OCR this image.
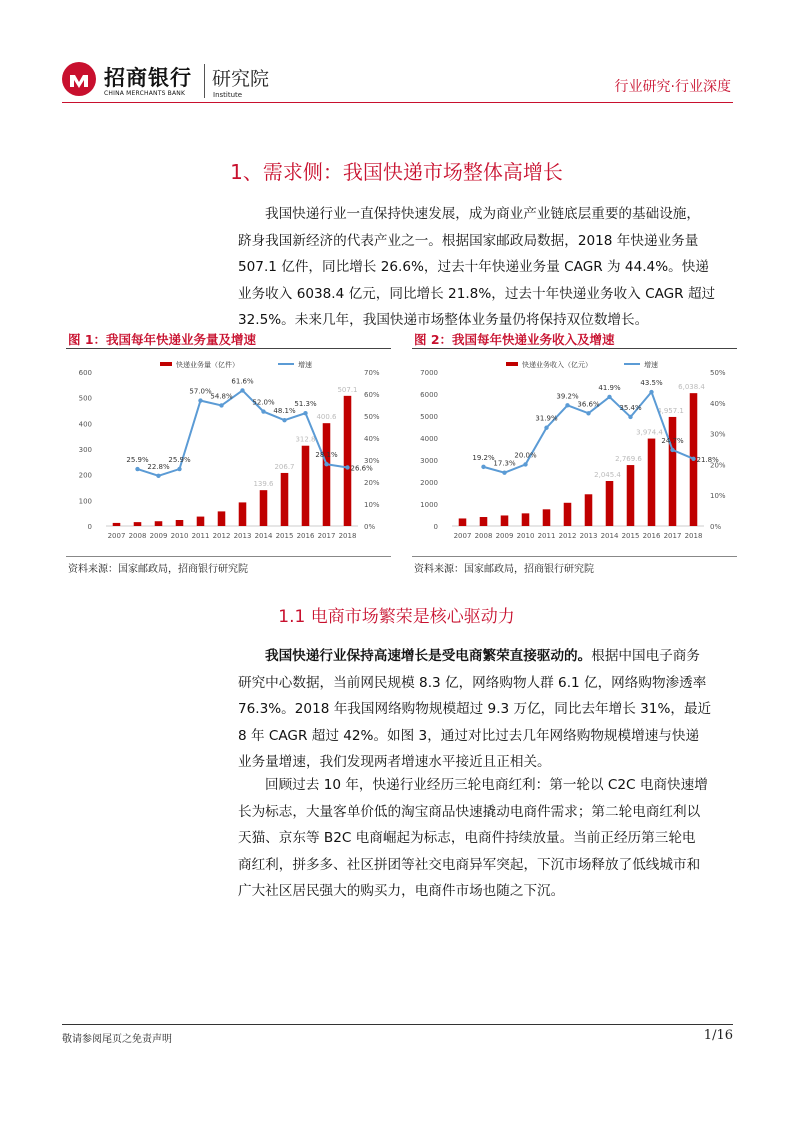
招商银行
CHINA MERCHANTS BANK
研究院
Institute	行业研究·行业深度
1、需求侧：我国快递市场整体高增长
我国快递行业一直保持快速发展，成为商业产业链底层重要的基础设施，
跻身我国新经济的代表产业之一。根据国家邮政局数据，2018 年快递业务量
507.1 亿件，同比增长 26.6%，过去十年快递业务量 CAGR 为 44.4%。快递
业务收入 6038.4 亿元，同比增长 21.8%，过去十年快递业务收入 CAGR 超过
32.5%。未来几年，我国快递市场整体业务量仍将保持双位数增长。
图 1：我国每年快递业务量及增速
快递业务量（亿件）	增速
0
100
200
300
400
500
600
0%
10%
20%
30%
40%
50%
60%
70%
139.6
206.7
312.8
400.6
507.1
2007 2008 2009 2010 2011 2012 2013 2014 2015 2016 2017 2018
25.9%
22.8%
25.9%
57.0%
54.8%
61.6%
52.0%
48.1%
51.3%
28.1%
26.6%
资料来源：国家邮政局，招商银行研究院
图 2：我国每年快递业务收入及增速
快递业务收入（亿元）	增速
0
1000
2000
3000
4000
5000
6000
7000
0%
10%
20%
30%
40%
50%
2,045.4
2,769.6
3,974.4
4,957.1
6,038.4
2007 2008 2009 2010 2011 2012 2013 2014 2015 2016 2017 2018
19.2%
17.3%
20.0%
31.9%
39.2%
36.6%
41.9%
35.4%
43.5%
24.7%
21.8%
资料来源：国家邮政局，招商银行研究院
1.1 电商市场繁荣是核心驱动力
我国快递行业保持高速增长是受电商繁荣直接驱动的。根据中国电子商务
研究中心数据，当前网民规模 8.3 亿，网络购物人群 6.1 亿，网络购物渗透率
76.3%。2018 年我国网络购物规模超过 9.3 万亿，同比去年增长 31%，最近
8 年 CAGR 超过 42%。如图 3，通过对比过去几年网络购物规模增速与快递
业务量增速，我们发现两者增速水平接近且正相关。
回顾过去 10 年，快递行业经历三轮电商红利：第一轮以 C2C 电商快速增
长为标志，大量客单价低的淘宝商品快速撬动电商件需求；第二轮电商红利以
天猫、京东等 B2C 电商崛起为标志，电商件持续放量。当前正经历第三轮电
商红利，拼多多、社区拼团等社交电商异军突起，下沉市场释放了低线城市和
广大社区居民强大的购买力，电商件市场也随之下沉。
敬请参阅尾页之免责声明	1/16
